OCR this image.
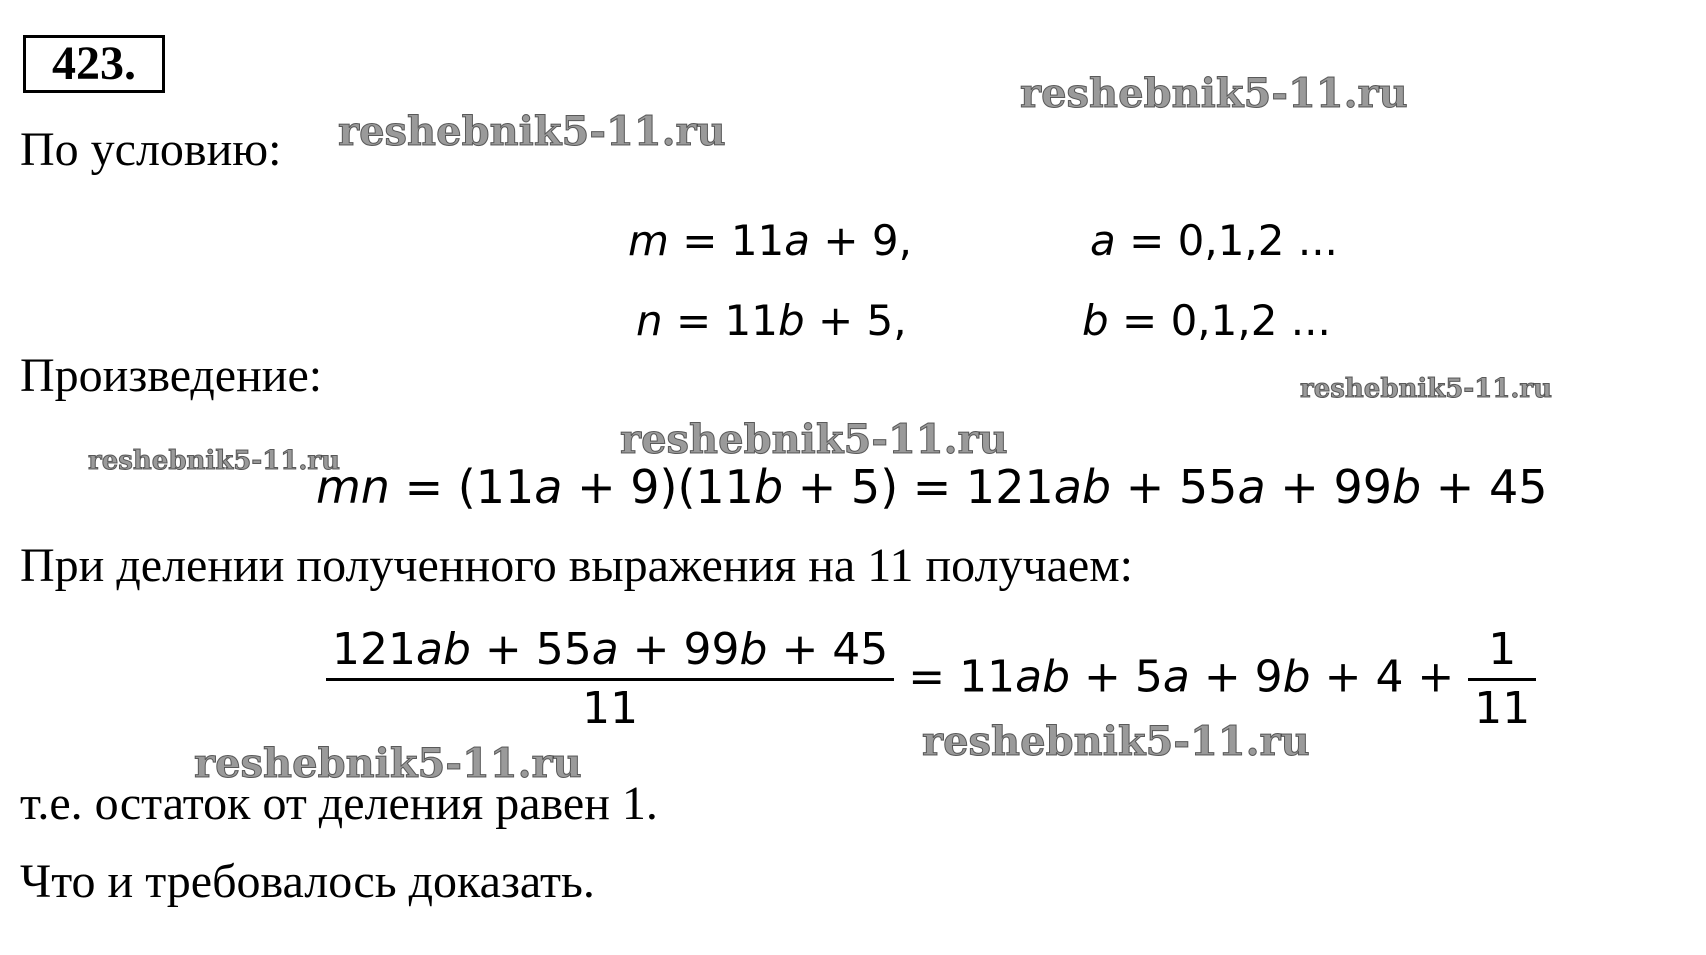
423.
По условию:
m = 11a + 9,	a = 0,1,2 ...
n = 11b + 5,	b = 0,1,2 ...
Произведение:
mn = (11a + 9)(11b + 5) = 121ab + 55a + 99b + 45
При делении полученного выражения на 11 получаем:
$\frac{121ab + 55a + 99b + 45}{11} = 11ab + 5a + 9b + 4 + \frac{1}{11}$
т.е. остаток от деления равен 1.
Что и требовалось доказать.
reshebnik5-11.ru
reshebnik5-11.ru
reshebnik5-11.ru
reshebnik5-11.ru
reshebnik5-11.ru
reshebnik5-11.ru	reshebnik5-11.ru
